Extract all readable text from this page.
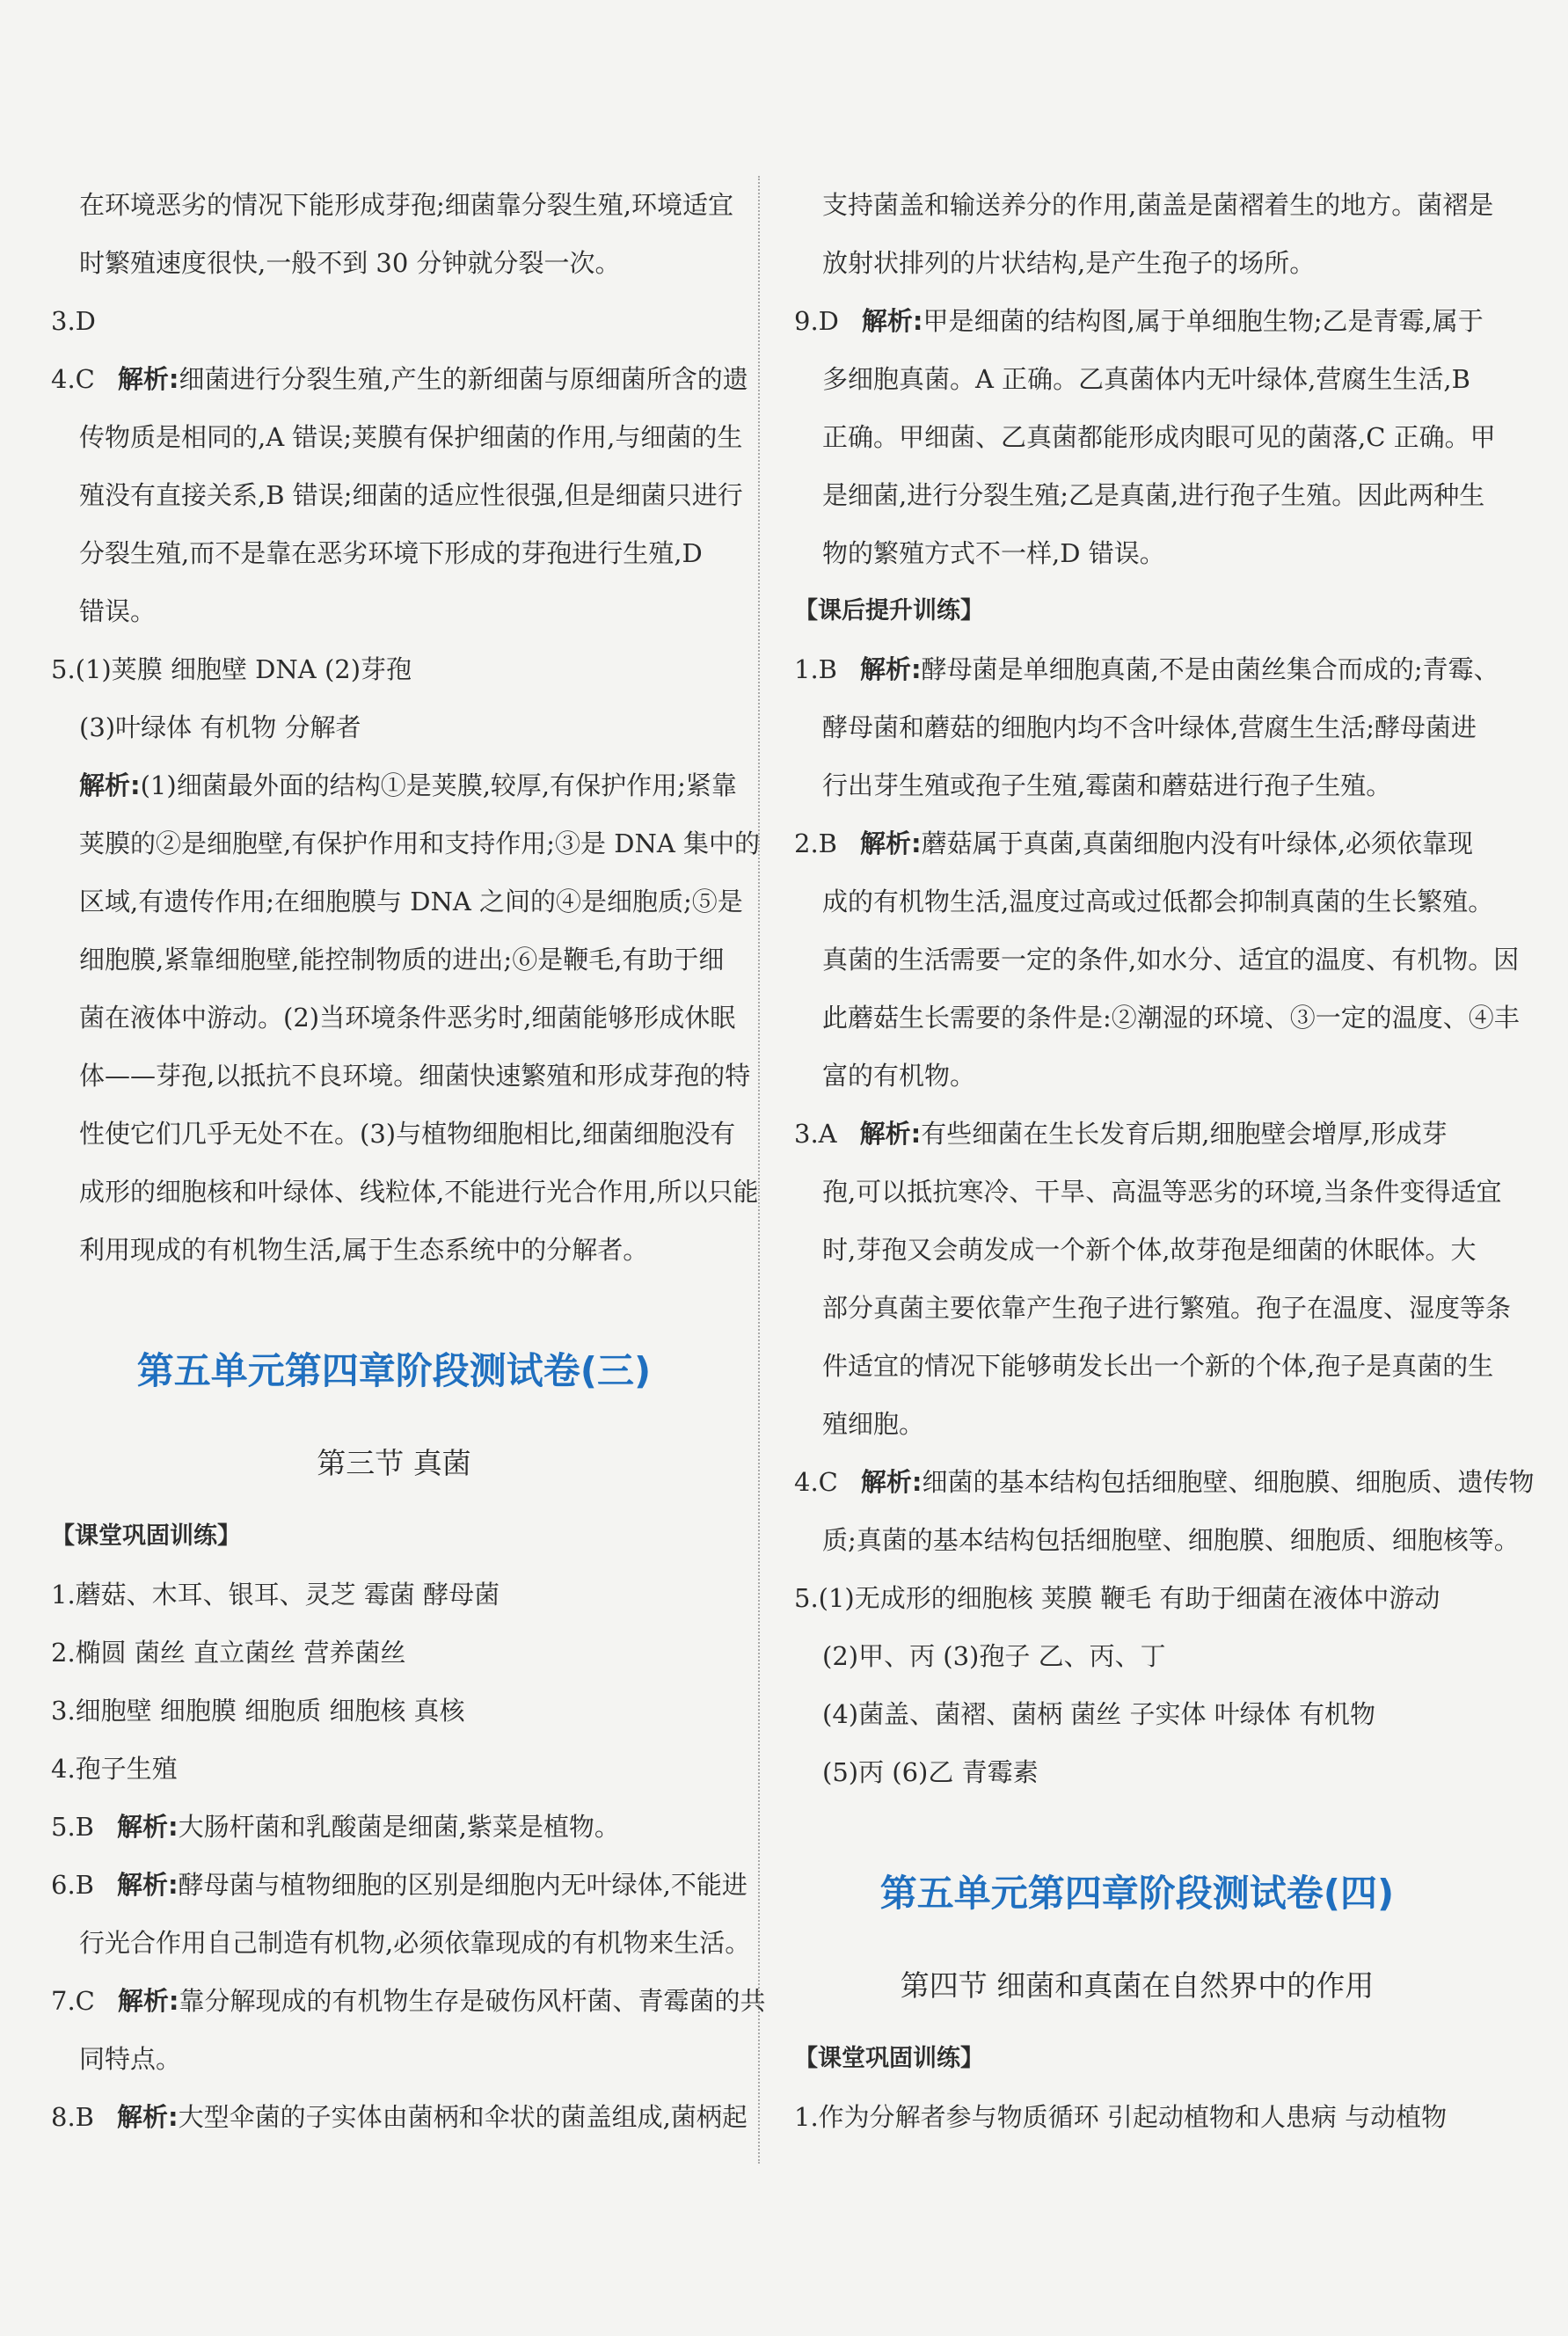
在环境恶劣的情况下能形成芽孢;细菌靠分裂生殖,环境适宜
时繁殖速度很快,一般不到 30 分钟就分裂一次。
3.D
4.C 解析:细菌进行分裂生殖,产生的新细菌与原细菌所含的遗
传物质是相同的,A 错误;荚膜有保护细菌的作用,与细菌的生
殖没有直接关系,B 错误;细菌的适应性很强,但是细菌只进行
分裂生殖,而不是靠在恶劣环境下形成的芽孢进行生殖,D
错误。
5.(1)荚膜 细胞壁 DNA (2)芽孢
(3)叶绿体 有机物 分解者
解析:(1)细菌最外面的结构①是荚膜,较厚,有保护作用;紧靠
荚膜的②是细胞壁,有保护作用和支持作用;③是 DNA 集中的
区域,有遗传作用;在细胞膜与 DNA 之间的④是细胞质;⑤是
细胞膜,紧靠细胞壁,能控制物质的进出;⑥是鞭毛,有助于细
菌在液体中游动。(2)当环境条件恶劣时,细菌能够形成休眠
体——芽孢,以抵抗不良环境。细菌快速繁殖和形成芽孢的特
性使它们几乎无处不在。(3)与植物细胞相比,细菌细胞没有
成形的细胞核和叶绿体、线粒体,不能进行光合作用,所以只能
利用现成的有机物生活,属于生态系统中的分解者。
第五单元第四章阶段测试卷(三)
第三节 真菌
【课堂巩固训练】
1.蘑菇、木耳、银耳、灵芝 霉菌 酵母菌
2.椭圆 菌丝 直立菌丝 营养菌丝
3.细胞壁 细胞膜 细胞质 细胞核 真核
4.孢子生殖
5.B 解析:大肠杆菌和乳酸菌是细菌,紫菜是植物。
6.B 解析:酵母菌与植物细胞的区别是细胞内无叶绿体,不能进
行光合作用自己制造有机物,必须依靠现成的有机物来生活。
7.C 解析:靠分解现成的有机物生存是破伤风杆菌、青霉菌的共
同特点。
8.B 解析:大型伞菌的子实体由菌柄和伞状的菌盖组成,菌柄起
支持菌盖和输送养分的作用,菌盖是菌褶着生的地方。菌褶是
放射状排列的片状结构,是产生孢子的场所。
9.D 解析:甲是细菌的结构图,属于单细胞生物;乙是青霉,属于
多细胞真菌。A 正确。乙真菌体内无叶绿体,营腐生生活,B
正确。甲细菌、乙真菌都能形成肉眼可见的菌落,C 正确。甲
是细菌,进行分裂生殖;乙是真菌,进行孢子生殖。因此两种生
物的繁殖方式不一样,D 错误。
【课后提升训练】
1.B 解析:酵母菌是单细胞真菌,不是由菌丝集合而成的;青霉、
酵母菌和蘑菇的细胞内均不含叶绿体,营腐生生活;酵母菌进
行出芽生殖或孢子生殖,霉菌和蘑菇进行孢子生殖。
2.B 解析:蘑菇属于真菌,真菌细胞内没有叶绿体,必须依靠现
成的有机物生活,温度过高或过低都会抑制真菌的生长繁殖。
真菌的生活需要一定的条件,如水分、适宜的温度、有机物。因
此蘑菇生长需要的条件是:②潮湿的环境、③一定的温度、④丰
富的有机物。
3.A 解析:有些细菌在生长发育后期,细胞壁会增厚,形成芽
孢,可以抵抗寒冷、干旱、高温等恶劣的环境,当条件变得适宜
时,芽孢又会萌发成一个新个体,故芽孢是细菌的休眠体。大
部分真菌主要依靠产生孢子进行繁殖。孢子在温度、湿度等条
件适宜的情况下能够萌发长出一个新的个体,孢子是真菌的生
殖细胞。
4.C 解析:细菌的基本结构包括细胞壁、细胞膜、细胞质、遗传物
质;真菌的基本结构包括细胞壁、细胞膜、细胞质、细胞核等。
5.(1)无成形的细胞核 荚膜 鞭毛 有助于细菌在液体中游动
(2)甲、丙 (3)孢子 乙、丙、丁
(4)菌盖、菌褶、菌柄 菌丝 子实体 叶绿体 有机物
(5)丙 (6)乙 青霉素
第五单元第四章阶段测试卷(四)
第四节 细菌和真菌在自然界中的作用
【课堂巩固训练】
1.作为分解者参与物质循环 引起动植物和人患病 与动植物
